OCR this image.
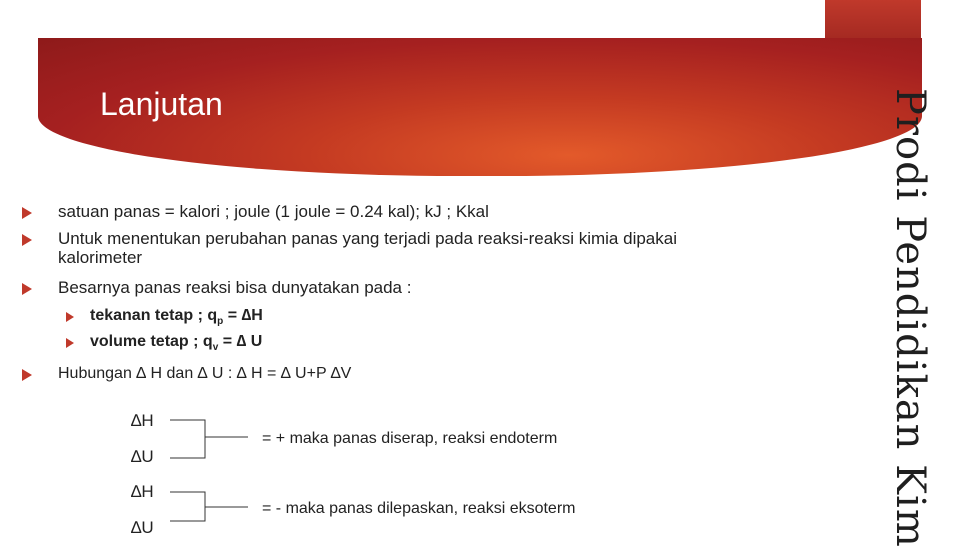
Lanjutan	Prodi Pendidikan Kim
satuan panas = kalori ; joule (1 joule = 0.24 kal); kJ ; Kkal
Untuk menentukan perubahan panas yang terjadi pada reaksi-reaksi kimia dipakai
kalorimeter
Besarnya panas reaksi bisa dunyatakan pada :
tekanan tetap ; $q_p = \Delta H$
volume tetap ; $q_v$ = ∆ U
Hubungan ∆ H dan ∆ U : ∆ H = ∆ U+P ∆V
∆H
∆U
∆H
∆U
= + maka panas diserap, reaksi endoterm
= - maka panas dilepaskan, reaksi eksoterm
